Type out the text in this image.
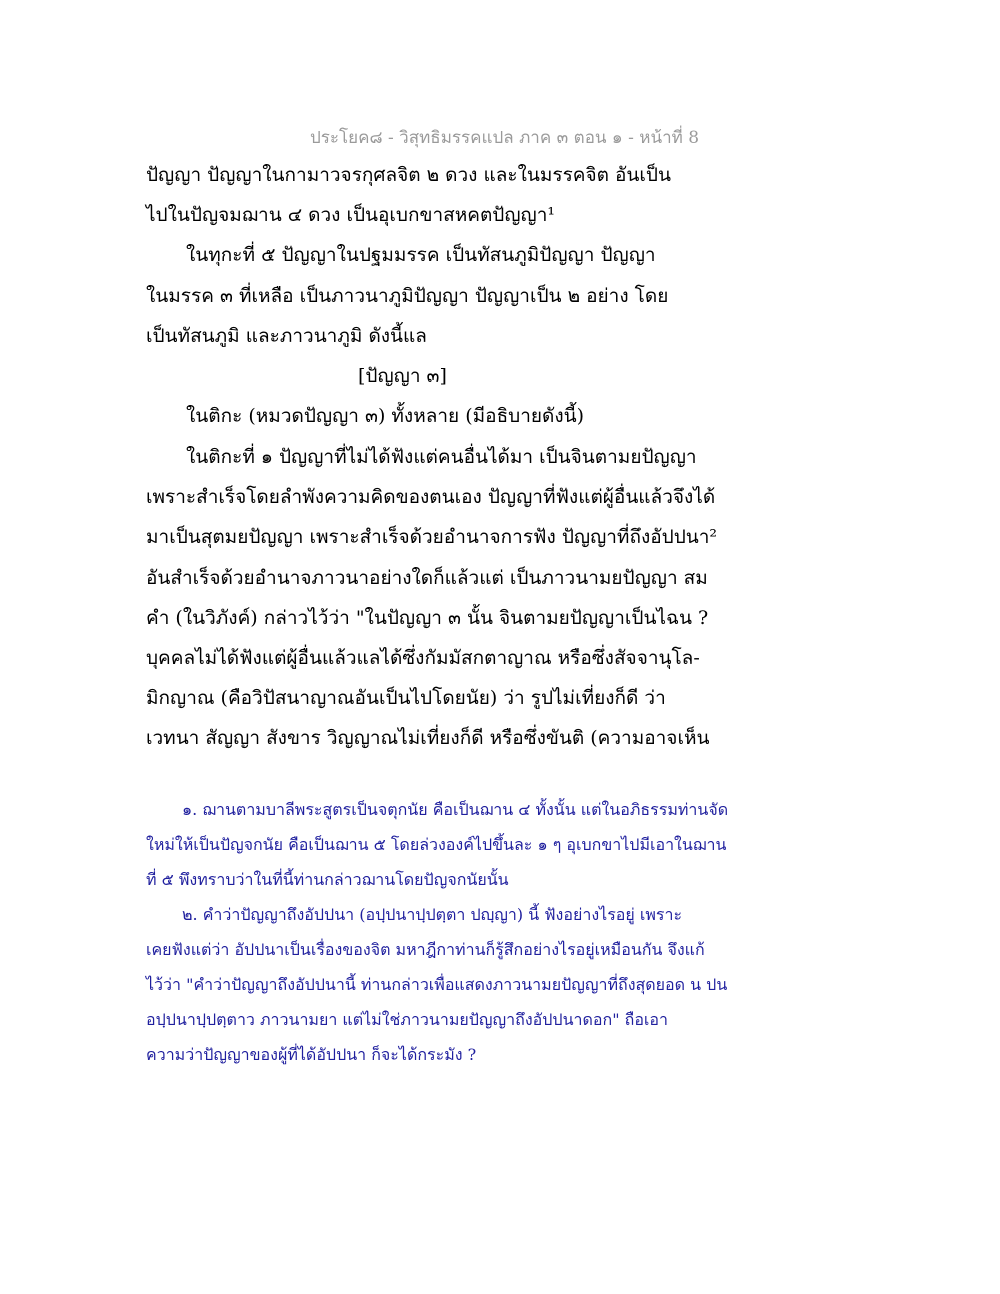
ประโยค๘ - วิสุทธิมรรคแปล ภาค ๓ ตอน ๑ - หน้าที่ 8
ปัญญา ปัญญาในกามาวจรกุศลจิต ๒ ดวง และในมรรคจิต อันเป็น
ไปในปัญจมฌาน ๔ ดวง เป็นอุเบกขาสหคตปัญญา¹
ในทุกะที่ ๕ ปัญญาในปฐมมรรค เป็นทัสนภูมิปัญญา ปัญญา
ในมรรค ๓ ที่เหลือ เป็นภาวนาภูมิปัญญา ปัญญาเป็น ๒ อย่าง โดย
เป็นทัสนภูมิ และภาวนาภูมิ ดังนี้แล
[ปัญญา ๓]
ในติกะ (หมวดปัญญา ๓) ทั้งหลาย (มีอธิบายดังนี้)
ในติกะที่ ๑ ปัญญาที่ไม่ได้ฟังแต่คนอื่นได้มา เป็นจินตามยปัญญา
เพราะสำเร็จโดยลำพังความคิดของตนเอง ปัญญาที่ฟังแต่ผู้อื่นแล้วจึงได้
มาเป็นสุตมยปัญญา เพราะสำเร็จด้วยอำนาจการฟัง ปัญญาที่ถึงอัปปนา²
อันสำเร็จด้วยอำนาจภาวนาอย่างใดก็แล้วแต่ เป็นภาวนามยปัญญา สม
คำ (ในวิภังค์) กล่าวไว้ว่า "ในปัญญา ๓ นั้น จินตามยปัญญาเป็นไฉน ?
บุคคลไม่ได้ฟังแต่ผู้อื่นแล้วแลได้ซึ่งกัมมัสกตาญาณ หรือซึ่งสัจจานุโล-
มิกญาณ (คือวิปัสนาญาณอันเป็นไปโดยนัย) ว่า รูปไม่เที่ยงก็ดี ว่า
เวทนา สัญญา สังขาร วิญญาณไม่เที่ยงก็ดี หรือซึ่งขันติ (ความอาจเห็น
๑. ฌานตามบาลีพระสูตรเป็นจตุกนัย คือเป็นฌาน ๔ ทั้งนั้น แต่ในอภิธรรมท่านจัด
ใหม่ให้เป็นปัญจกนัย คือเป็นฌาน ๕ โดยล่วงองค์ไปขึ้นละ ๑ ๆ อุเบกขาไปมีเอาในฌาน
ที่ ๕ พึงทราบว่าในที่นี้ท่านกล่าวฌานโดยปัญจกนัยนั้น
๒. คำว่าปัญญาถึงอัปปนา (อปฺปนาปฺปตฺตา ปญฺญา) นี้ ฟังอย่างไรอยู่ เพราะ
เคยฟังแต่ว่า อัปปนาเป็นเรื่องของจิต มหาฎีกาท่านก็รู้สึกอย่างไรอยู่เหมือนกัน จึงแก้
ไว้ว่า "คำว่าปัญญาถึงอัปปนานี้ ท่านกล่าวเพื่อแสดงภาวนามยปัญญาที่ถึงสุดยอด น ปน
อปฺปนาปฺปตฺตาว ภาวนามยา แต่ไม่ใช่ภาวนามยปัญญาถึงอัปปนาดอก" ถือเอา
ความว่าปัญญาของผู้ที่ได้อัปปนา ก็จะได้กระมัง ?
